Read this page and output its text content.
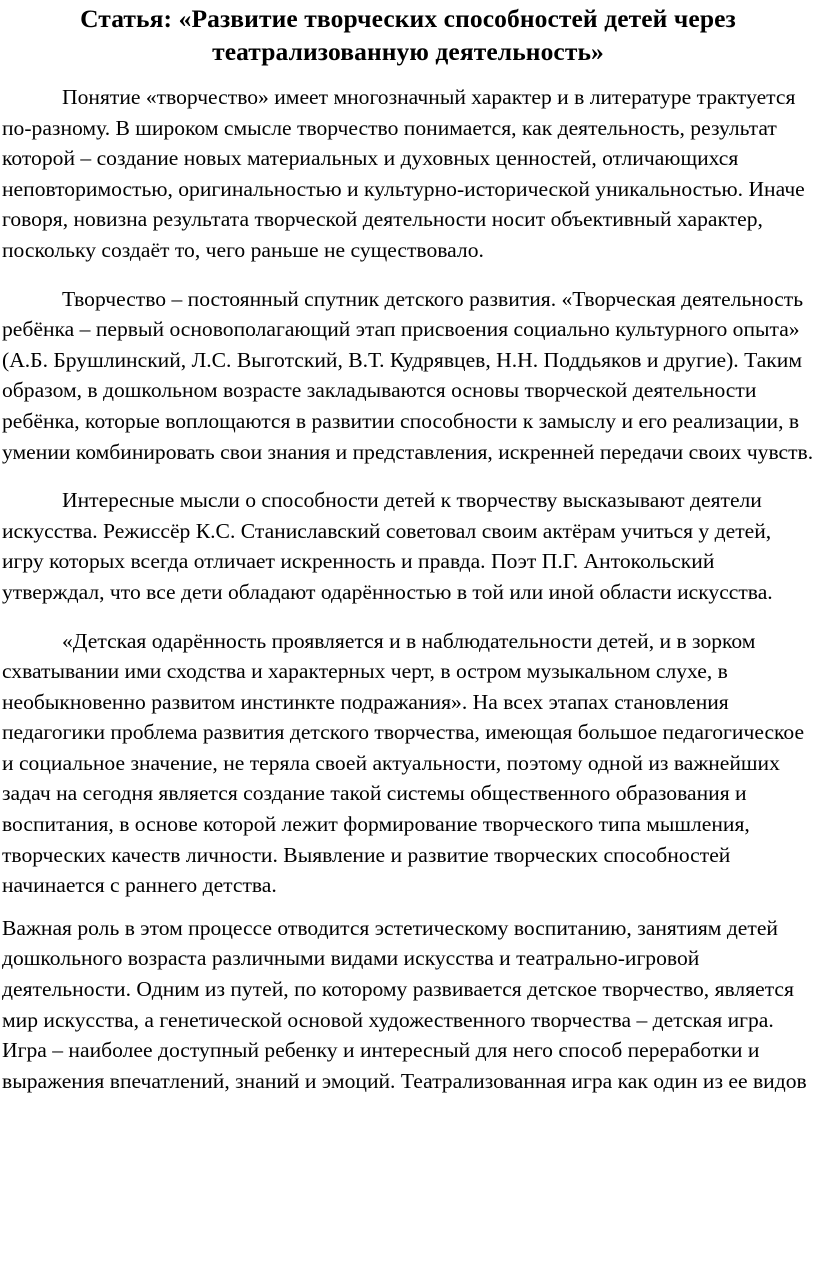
Статья: «Развитие творческих способностей детей через театрализованную деятельность»

Понятие «творчество» имеет многозначный характер и в литературе трактуется по-разному. В широком смысле творчество понимается, как деятельность, результат которой – создание новых материальных и духовных ценностей, отличающихся неповторимостью, оригинальностью и культурно-исторической уникальностью. Иначе говоря, новизна результата творческой деятельности носит объективный характер, поскольку создаёт то, чего раньше не существовало.

Творчество – постоянный спутник детского развития. «Творческая деятельность ребёнка – первый основополагающий этап присвоения социально культурного опыта» (А.Б. Брушлинский, Л.С. Выготский, В.Т. Кудрявцев, Н.Н. Поддьяков и другие). Таким образом, в дошкольном возрасте закладываются основы творческой деятельности ребёнка, которые воплощаются в развитии способности к замыслу и его реализации, в умении комбинировать свои знания и представления, искренней передачи своих чувств.

Интересные мысли о способности детей к творчеству высказывают деятели искусства. Режиссёр К.С. Станиславский советовал своим актёрам учиться у детей, игру которых всегда отличает искренность и правда. Поэт П.Г. Антокольский утверждал, что все дети обладают одарённостью в той или иной области искусства.

«Детская одарённость проявляется и в наблюдательности детей, и в зорком схватывании ими сходства и характерных черт, в остром музыкальном слухе, в необыкновенно развитом инстинкте подражания». На всех этапах становления педагогики проблема развития детского творчества, имеющая большое педагогическое и социальное значение, не теряла своей актуальности, поэтому одной из важнейших задач на сегодня является создание такой системы общественного образования и воспитания, в основе которой лежит формирование творческого типа мышления, творческих качеств личности. Выявление и развитие творческих способностей начинается с раннего детства.

Важная роль в этом процессе отводится эстетическому воспитанию, занятиям детей дошкольного возраста различными видами искусства и театрально-игровой деятельности. Одним из путей, по которому развивается детское творчество, является мир искусства, а генетической основой художественного творчества – детская игра. Игра – наиболее доступный ребенку и интересный для него способ переработки и выражения впечатлений, знаний и эмоций. Театрализованная игра как один из ее видов
